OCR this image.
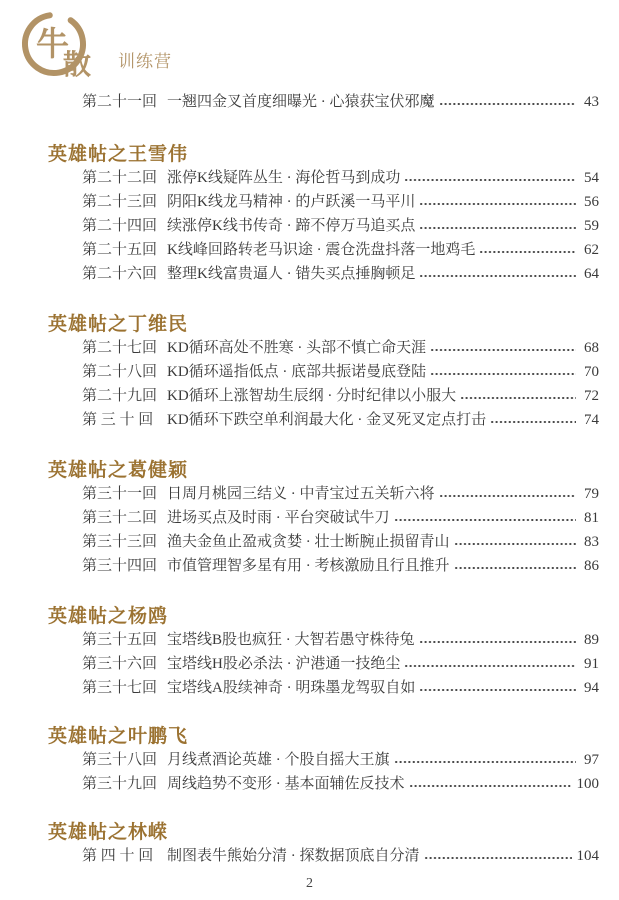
牛
散 训练营
第二十一回 一翘四金叉首度细曝光 · 心猿获宝伏邪魔	43
英雄帖之王雪伟
第二十二回 涨停K线疑阵丛生 · 海伦哲马到成功	54
第二十三回 阴阳K线龙马精神 · 的卢跃溪一马平川	56
第二十四回 续涨停K线书传奇 · 蹄不停万马追买点	59
第二十五回 K线峰回路转老马识途 · 震仓洗盘抖落一地鸡毛	62
第二十六回 整理K线富贵逼人 · 错失买点捶胸顿足	64
英雄帖之丁维民
第二十七回 KD循环高处不胜寒 · 头部不慎亡命天涯	68
第二十八回 KD循环遥指低点 · 底部共振诺曼底登陆	70
第二十九回 KD循环上涨智劫生辰纲 · 分时纪律以小服大	72
第 三 十 回 KD循环下跌空单利润最大化 · 金叉死叉定点打击	74
英雄帖之葛健颖
第三十一回 日周月桃园三结义 · 中青宝过五关斩六将	79
第三十二回 进场买点及时雨 · 平台突破试牛刀	81
第三十三回 渔夫金鱼止盈戒贪婪 · 壮士断腕止损留青山	83
第三十四回 市值管理智多星有用 · 考核激励且行且推升	86
英雄帖之杨鸥
第三十五回 宝塔线B股也疯狂 · 大智若愚守株待兔	89
第三十六回 宝塔线H股必杀法 · 沪港通一技绝尘	91
第三十七回 宝塔线A股续神奇 · 明珠墨龙驾驭自如	94
英雄帖之叶鹏飞
第三十八回 月线煮酒论英雄 · 个股自摇大王旗	97
第三十九回 周线趋势不变形 · 基本面辅佐反技术	100
英雄帖之林嵘
第 四 十 回 制图表牛熊始分清 · 探数据顶底自分清	104
2
